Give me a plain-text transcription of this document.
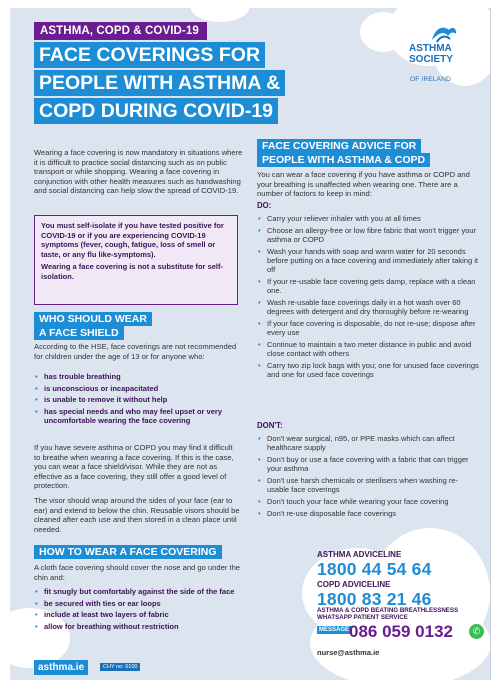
ASTHMA, COPD & COVID-19
FACE COVERINGS FOR
PEOPLE WITH ASTHMA &
COPD DURING COVID-19
ASTHMA
SOCIETY
OF IRELAND

Wearing a face covering is now mandatory in situations where it is difficult to practice social distancing such as on public transport or while shopping. Wearing a face covering in conjunction with other health measures such as handwashing and social distancing can help slow the spread of COVID-19.

You must self-isolate if you have tested positive for COVID-19 or if you are experiencing COVID-19 symptoms (fever, cough, fatigue, loss of smell or taste, or any flu like-symptoms).

Wearing a face covering is not a substitute for self-isolation.

WHO SHOULD WEAR
A FACE SHIELD

According to the HSE, face coverings are not recommended for children under the age of 13 or for anyone who:

• has trouble breathing
• is unconscious or incapacitated
• is unable to remove it without help
• has special needs and who may feel upset or very uncomfortable wearing the face covering

If you have severe asthma or COPD you may find it difficult to breathe when wearing a face covering. If this is the case, you can wear a face shield/visor. While they are not as effective as a face covering, they still offer a good level of protection.

The visor should wrap around the sides of your face (ear to ear) and extend to below the chin. Reusable visors should be cleaned after each use and then stored in a clean place until needed.

HOW TO WEAR A FACE COVERING

A cloth face covering should cover the nose and go under the chin and:

• fit snugly but comfortably against the side of the face
• be secured with ties or ear loops
• include at least two layers of fabric
• allow for breathing without restriction
FACE COVERING ADVICE FOR
PEOPLE WITH ASTHMA & COPD

You can wear a face covering if you have asthma or COPD and your breathing is unaffected when wearing one. There are a number of factors to keep in mind:

DO:
• Carry your reliever inhaler with you at all times
• Choose an allergy-free or low fibre fabric that won't trigger your asthma or COPD
• Wash your hands with soap and warm water for 20 seconds before putting on a face covering and immediately after taking it off
• If your re-usable face covering gets damp, replace with a clean one.
• Wash re-usable face coverings daily in a hot wash over 60 degrees with detergent and dry thoroughly before re-wearing
• If your face covering is disposable, do not re-use; dispose after every use
• Continue to maintain a two meter distance in public and avoid close contact with others
• Carry two zip lock bags with you; one for unused face coverings and one for used face coverings
DON'T:
• Don't wear surgical, n95, or PPE masks which can affect healthcare supply
• Don't buy or use a face covering with a fabric that can trigger your asthma
• Don't use harsh chemicals or sterilisers when washing re-usable face coverings
• Don't touch your face while wearing your face covering
• Don't re-use disposable face coverings
ASTHMA ADVICELINE
1800 44 54 64
COPD ADVICELINE
1800 83 21 46
ASTHMA & COPD BEATING BREATHLESSNESS
WHATSAPP PATIENT SERVICE
MESSAGE 086 059 0132	✆
nurse@asthma.ie
asthma.ie	CHY no: 6100
